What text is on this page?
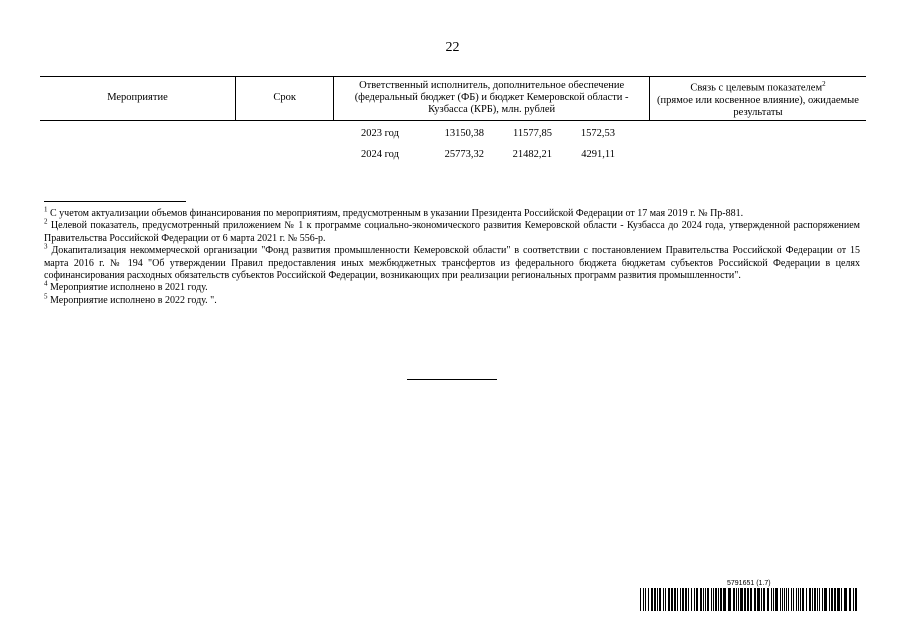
22
Мероприятие	Срок	Ответственный исполнитель, дополнительное обеспечение (федеральный бюджет (ФБ) и бюджет Кемеровской области - Кузбасса (КРБ), млн. рублей	Связь с целевым показателем$^2$
(прямое или косвенное влияние), ожидаемые результаты
2023 год	13150,38	11577,85	1572,53
2024 год	25773,32	21482,21	4291,11

$^1$ С учетом актуализации объемов финансирования по мероприятиям, предусмотренным в указании Президента Российской Федерации от 17 мая 2019 г. № Пр-881.

$^2$ Целевой показатель, предусмотренный приложением № 1 к программе социально-экономического развития Кемеровской области - Кузбасса до 2024 года, утвержденной распоряжением Правительства Российской Федерации от 6 марта 2021 г. № 556-р.

$^3$ Докапитализация некоммерческой организации "Фонд развития промышленности Кемеровской области" в соответствии с постановлением Правительства Российской Федерации от 15 марта 2016 г. № 194 "Об утверждении Правил предоставления иных межбюджетных трансфертов из федерального бюджета бюджетам субъектов Российской Федерации в целях софинансирования расходных обязательств субъектов Российской Федерации, возникающих при реализации региональных программ развития промышленности".

$^4$ Мероприятие исполнено в 2021 году.

$^5$ Мероприятие исполнено в 2022 году. ".

5791651 (1.7)
